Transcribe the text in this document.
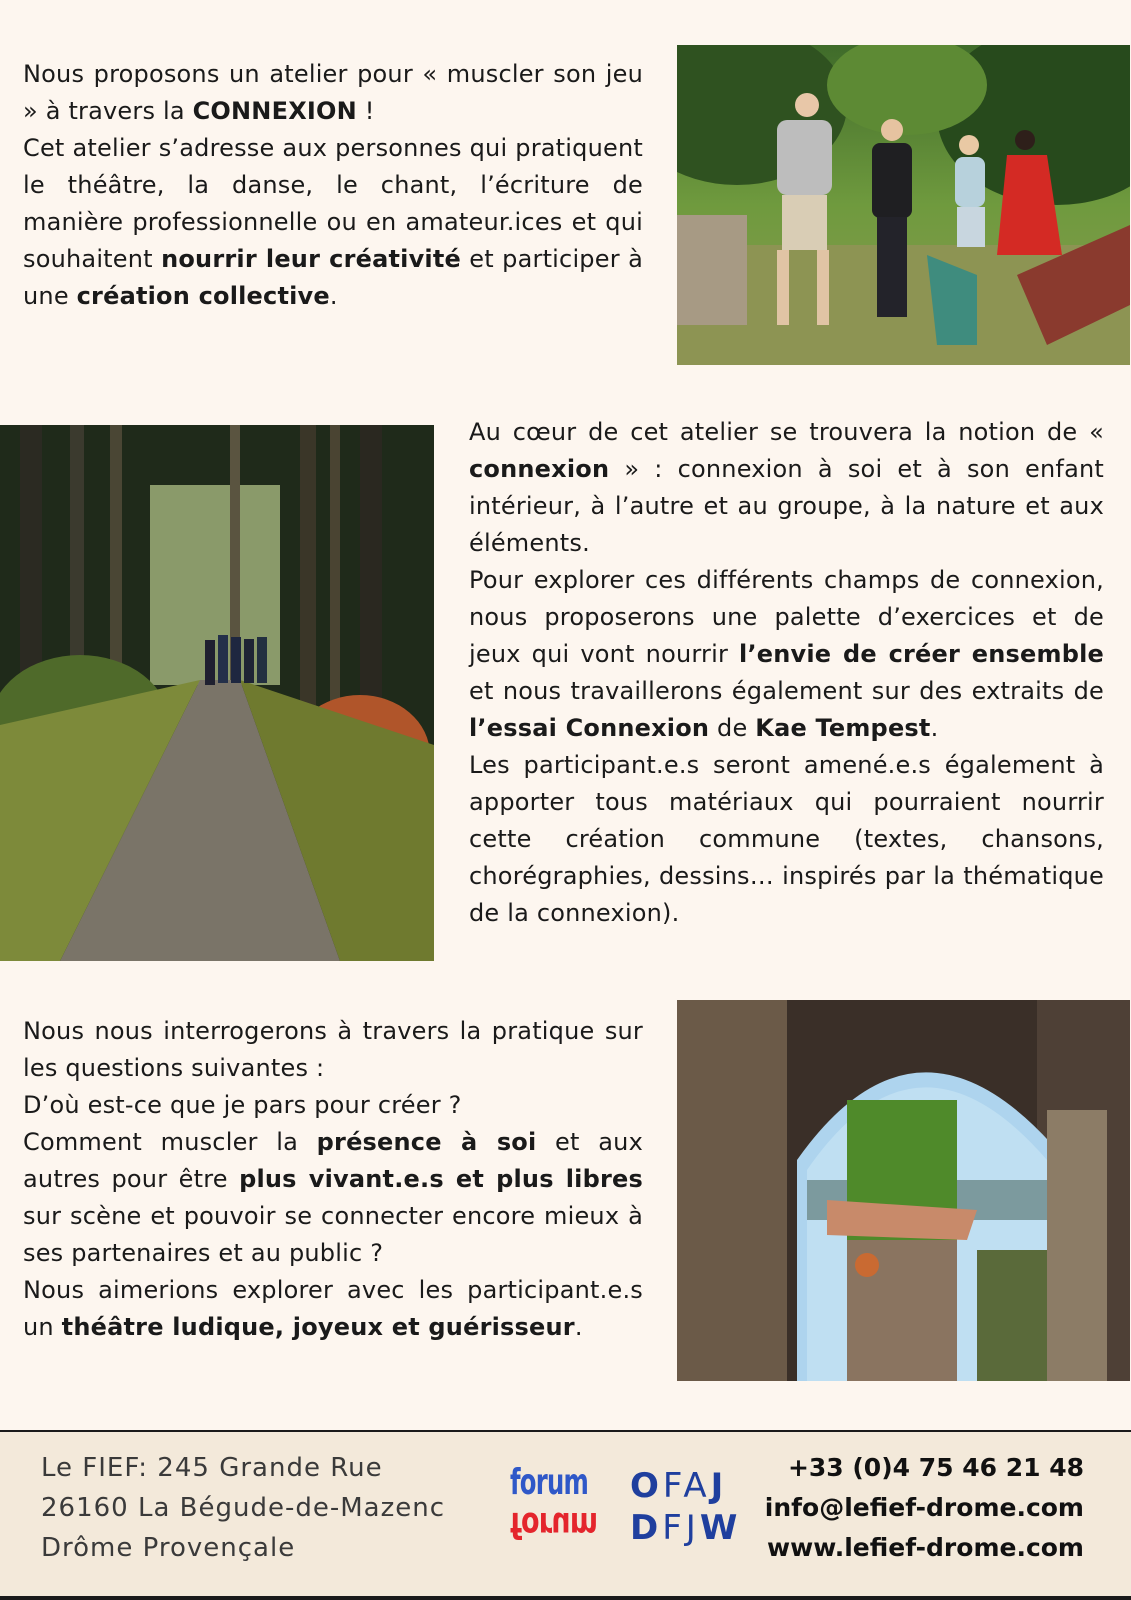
Nous proposons un atelier pour « muscler son jeu » à travers la CONNEXION !

Cet atelier s’adresse aux personnes qui pratiquent le théâtre, la danse, le chant, l’écriture de manière professionnelle ou en amateur.ices et qui souhaitent nourrir leur créativité et participer à une création collective.

Au cœur de cet atelier se trouvera la notion de « connexion » : connexion à soi et à son enfant intérieur, à l’autre et au groupe, à la nature et aux éléments.

Pour explorer ces différents champs de connexion, nous proposerons une palette d’exercices et de jeux qui vont nourrir l’envie de créer ensemble et nous travaillerons également sur des extraits de l’essai Connexion de Kae Tempest.

Les participant.e.s seront amené.e.s également à apporter tous matériaux qui pourraient nourrir cette création commune (textes, chansons, chorégraphies, dessins… inspirés par la thématique de la connexion).

Nous nous interrogerons à travers la pratique sur les questions suivantes :

D’où est-ce que je pars pour créer ?

Comment muscler la présence à soi et aux autres pour être plus vivant.e.s et plus libres sur scène et pouvoir se connecter encore mieux à ses partenaires et au public ?

Nous aimerions explorer avec les participant.e.s un théâtre ludique, joyeux et guérisseur.

Le FIEF: 245 Grande Rue
26160 La Bégude-de-Mazenc
Drôme Provençale
forum
forum
OFAJ
DFJW
+33 (0)4 75 46 21 48
info@lefief-drome.com
www.lefief-drome.com
